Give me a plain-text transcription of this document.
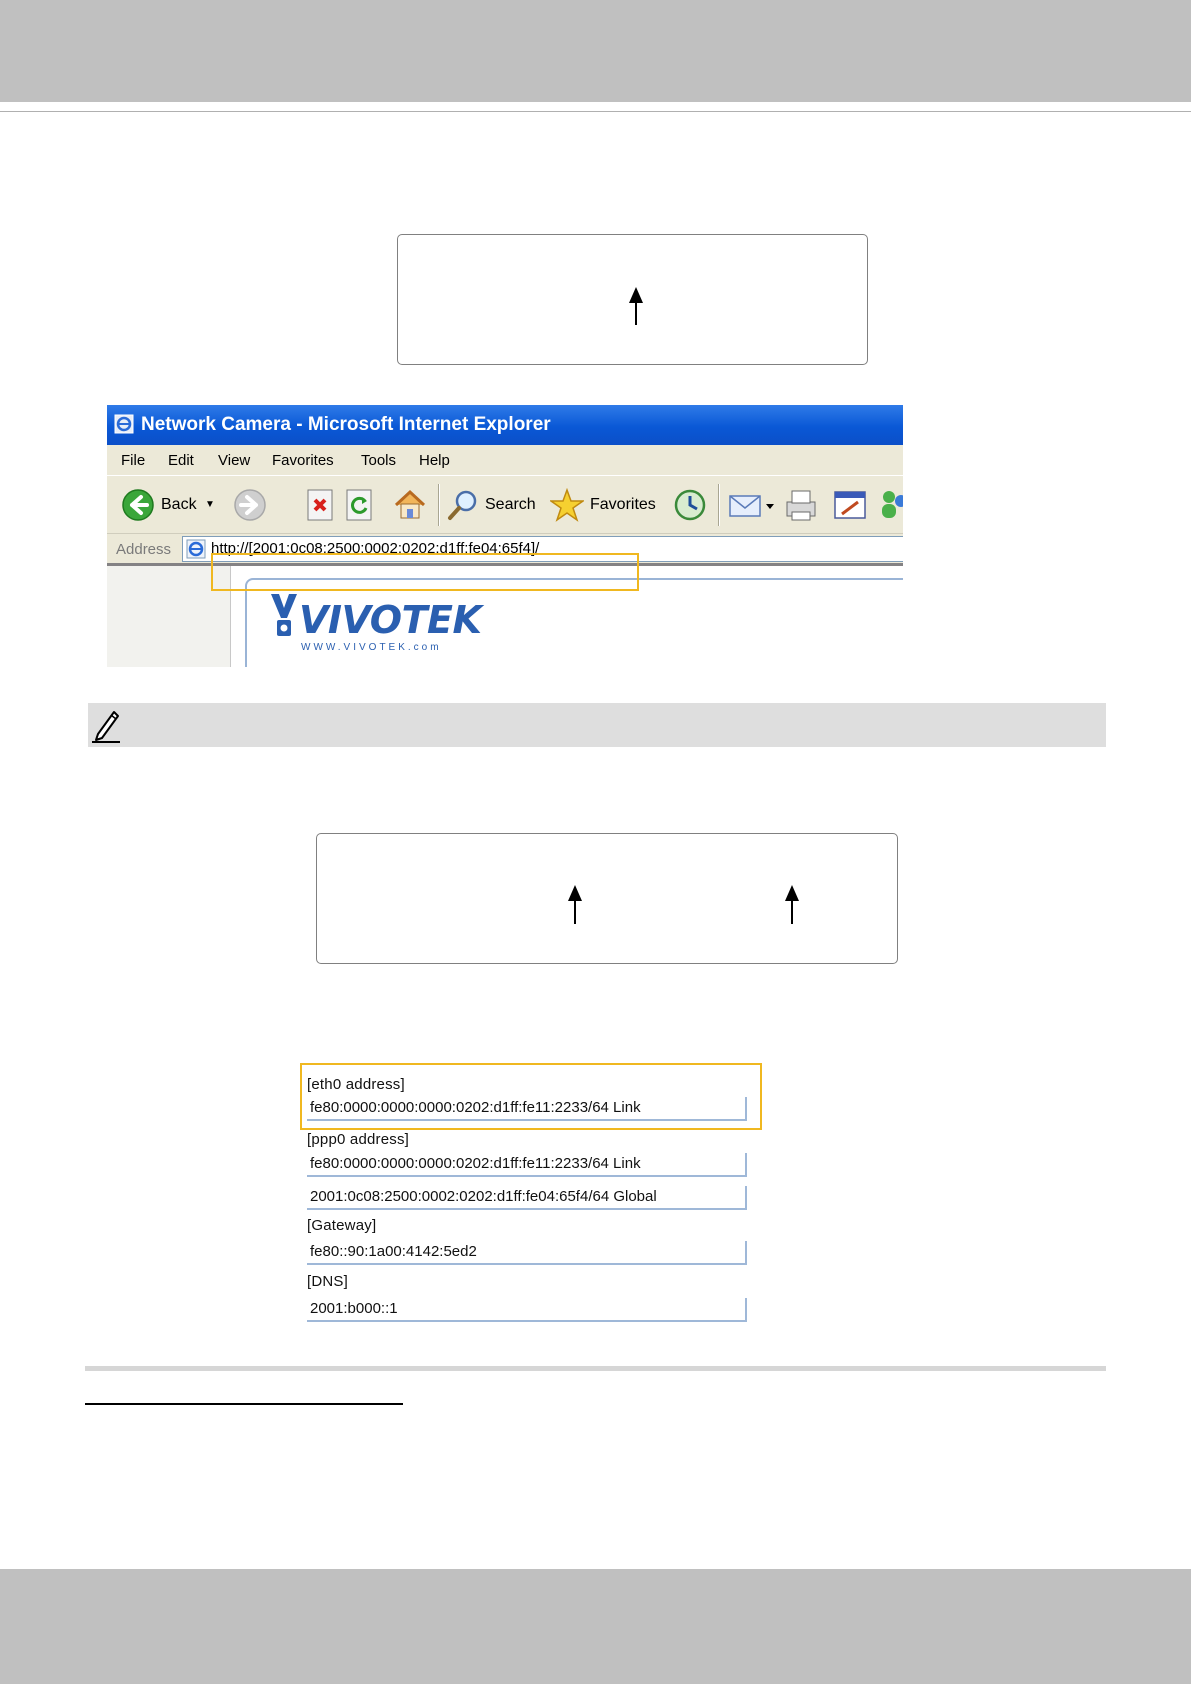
Network Camera - Microsoft Internet Explorer
File Edit View Favorites Tools Help
Back ▼	Search	Favorites
Address	http://[2001:0c08:2500:0002:0202:d1ff:fe04:65f4]/
VIVOTEK
WWW.VIVOTEK.com
[eth0 address]
fe80:0000:0000:0000:0202:d1ff:fe11:2233/64 Link
[ppp0 address]
fe80:0000:0000:0000:0202:d1ff:fe11:2233/64 Link
2001:0c08:2500:0002:0202:d1ff:fe04:65f4/64 Global
[Gateway]
fe80::90:1a00:4142:5ed2
[DNS]
2001:b000::1
